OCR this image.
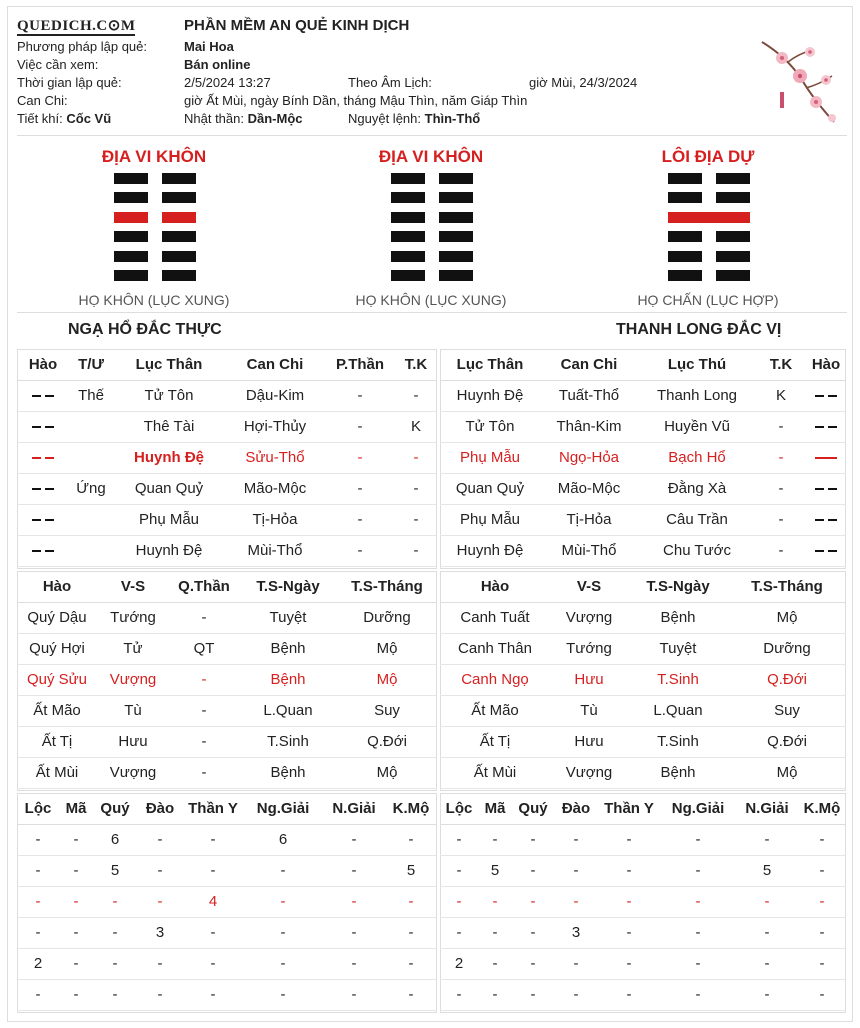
QUEDICH.C⊙M	PHẦN MỀM AN QUẺ KINH DỊCH
Phương pháp lập quẻ:	Mai Hoa
Việc cần xem:	Bán online
Thời gian lập quẻ:	2/5/2024 13:27	Theo Âm Lịch:	giờ Mùi, 24/3/2024
Can Chi:	giờ Ất Mùi, ngày Bính Dần, tháng Mậu Thìn, năm Giáp Thìn
Tiết khí: Cốc Vũ	Nhật thần: Dần-Mộc	Nguyệt lệnh: Thìn-Thổ
ĐỊA VI KHÔN
HỌ KHÔN (LỤC XUNG)
ĐỊA VI KHÔN
HỌ KHÔN (LỤC XUNG)
LÔI ĐỊA DỰ
HỌ CHẤN (LỤC HỢP)
NGẠ HỔ ĐẮC THỰC	THANH LONG ĐẮC VỊ
Hào	T/Ư	Lục Thân	Can Chi	P.Thần	T.K
	Thế	Tử Tôn	Dậu-Kim	-	-
		Thê Tài	Hợi-Thủy	-	K
		Huynh Đệ	Sửu-Thổ	-	-
	Ứng	Quan Quỷ	Mão-Mộc	-	-
		Phụ Mẫu	Tị-Hỏa	-	-
		Huynh Đệ	Mùi-Thổ	-	-
Lục Thân	Can Chi	Lục Thú	T.K	Hào
Huynh Đệ	Tuất-Thổ	Thanh Long	K	
Tử Tôn	Thân-Kim	Huyền Vũ	-	
Phụ Mẫu	Ngọ-Hỏa	Bạch Hổ	-	
Quan Quỷ	Mão-Mộc	Đằng Xà	-	
Phụ Mẫu	Tị-Hỏa	Câu Trần	-	
Huynh Đệ	Mùi-Thổ	Chu Tước	-	
Hào	V-S	Q.Thần	T.S-Ngày	T.S-Tháng
Quý Dậu	Tướng	-	Tuyệt	Dưỡng
Quý Hợi	Tử	QT	Bệnh	Mộ
Quý Sửu	Vượng	-	Bệnh	Mộ
Ất Mão	Tù	-	L.Quan	Suy
Ất Tị	Hưu	-	T.Sinh	Q.Đới
Ất Mùi	Vượng	-	Bệnh	Mộ
Hào	V-S	T.S-Ngày	T.S-Tháng
Canh Tuất	Vượng	Bệnh	Mộ
Canh Thân	Tướng	Tuyệt	Dưỡng
Canh Ngọ	Hưu	T.Sinh	Q.Đới
Ất Mão	Tù	L.Quan	Suy
Ất Tị	Hưu	T.Sinh	Q.Đới
Ất Mùi	Vượng	Bệnh	Mộ
Lộc	Mã	Quý	Đào	Thần Y	Ng.Giải	N.Giải	K.Mộ
-	-	6	-	-	6	-	-
-	-	5	-	-	-	-	5
-	-	-	-	4	-	-	-
-	-	-	3	-	-	-	-
2	-	-	-	-	-	-	-
-	-	-	-	-	-	-	-
Lộc	Mã	Quý	Đào	Thần Y	Ng.Giải	N.Giải	K.Mộ
-	-	-	-	-	-	-	-
-	5	-	-	-	-	5	-
-	-	-	-	-	-	-	-
-	-	-	3	-	-	-	-
2	-	-	-	-	-	-	-
-	-	-	-	-	-	-	-
